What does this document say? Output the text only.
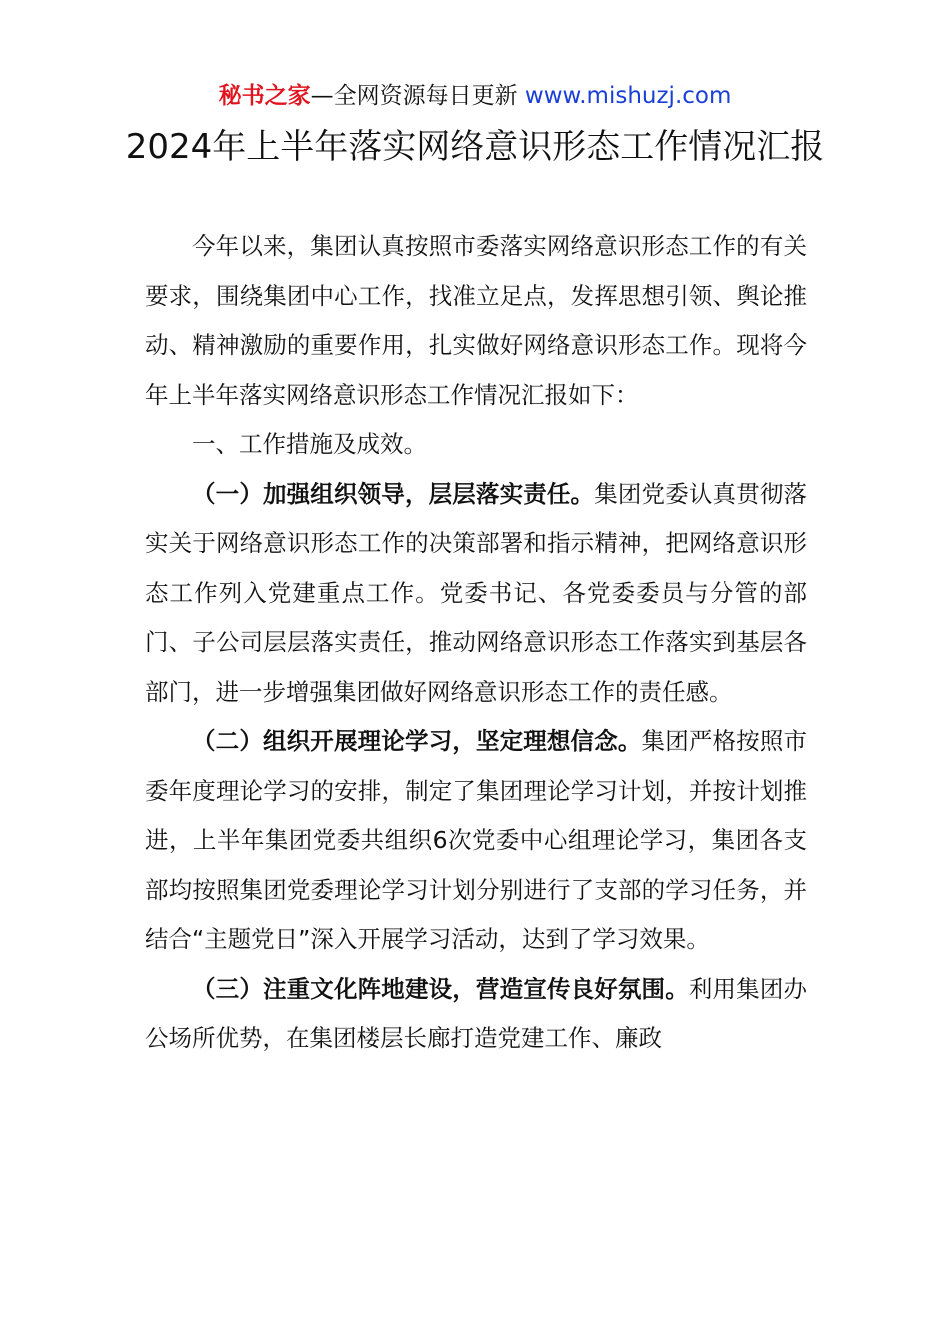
秘书之家—全网资源每日更新 www.mishuzj.com
2024年上半年落实网络意识形态工作情况汇报

今年以来，集团认真按照市委落实网络意识形态工作的有关要求，围绕集团中心工作，找准立足点，发挥思想引领、舆论推动、精神激励的重要作用，扎实做好网络意识形态工作。现将今年上半年落实网络意识形态工作情况汇报如下：

一、工作措施及成效。

（一）加强组织领导，层层落实责任。集团党委认真贯彻落实关于网络意识形态工作的决策部署和指示精神，把网络意识形态工作列入党建重点工作。党委书记、各党委委员与分管的部门、子公司层层落实责任，推动网络意识形态工作落实到基层各部门，进一步增强集团做好网络意识形态工作的责任感。

（二）组织开展理论学习，坚定理想信念。集团严格按照市委年度理论学习的安排，制定了集团理论学习计划，并按计划推进，上半年集团党委共组织6次党委中心组理论学习，集团各支部均按照集团党委理论学习计划分别进行了支部的学习任务，并结合“主题党日”深入开展学习活动，达到了学习效果。

（三）注重文化阵地建设，营造宣传良好氛围。利用集团办公场所优势，在集团楼层长廊打造党建工作、廉政
